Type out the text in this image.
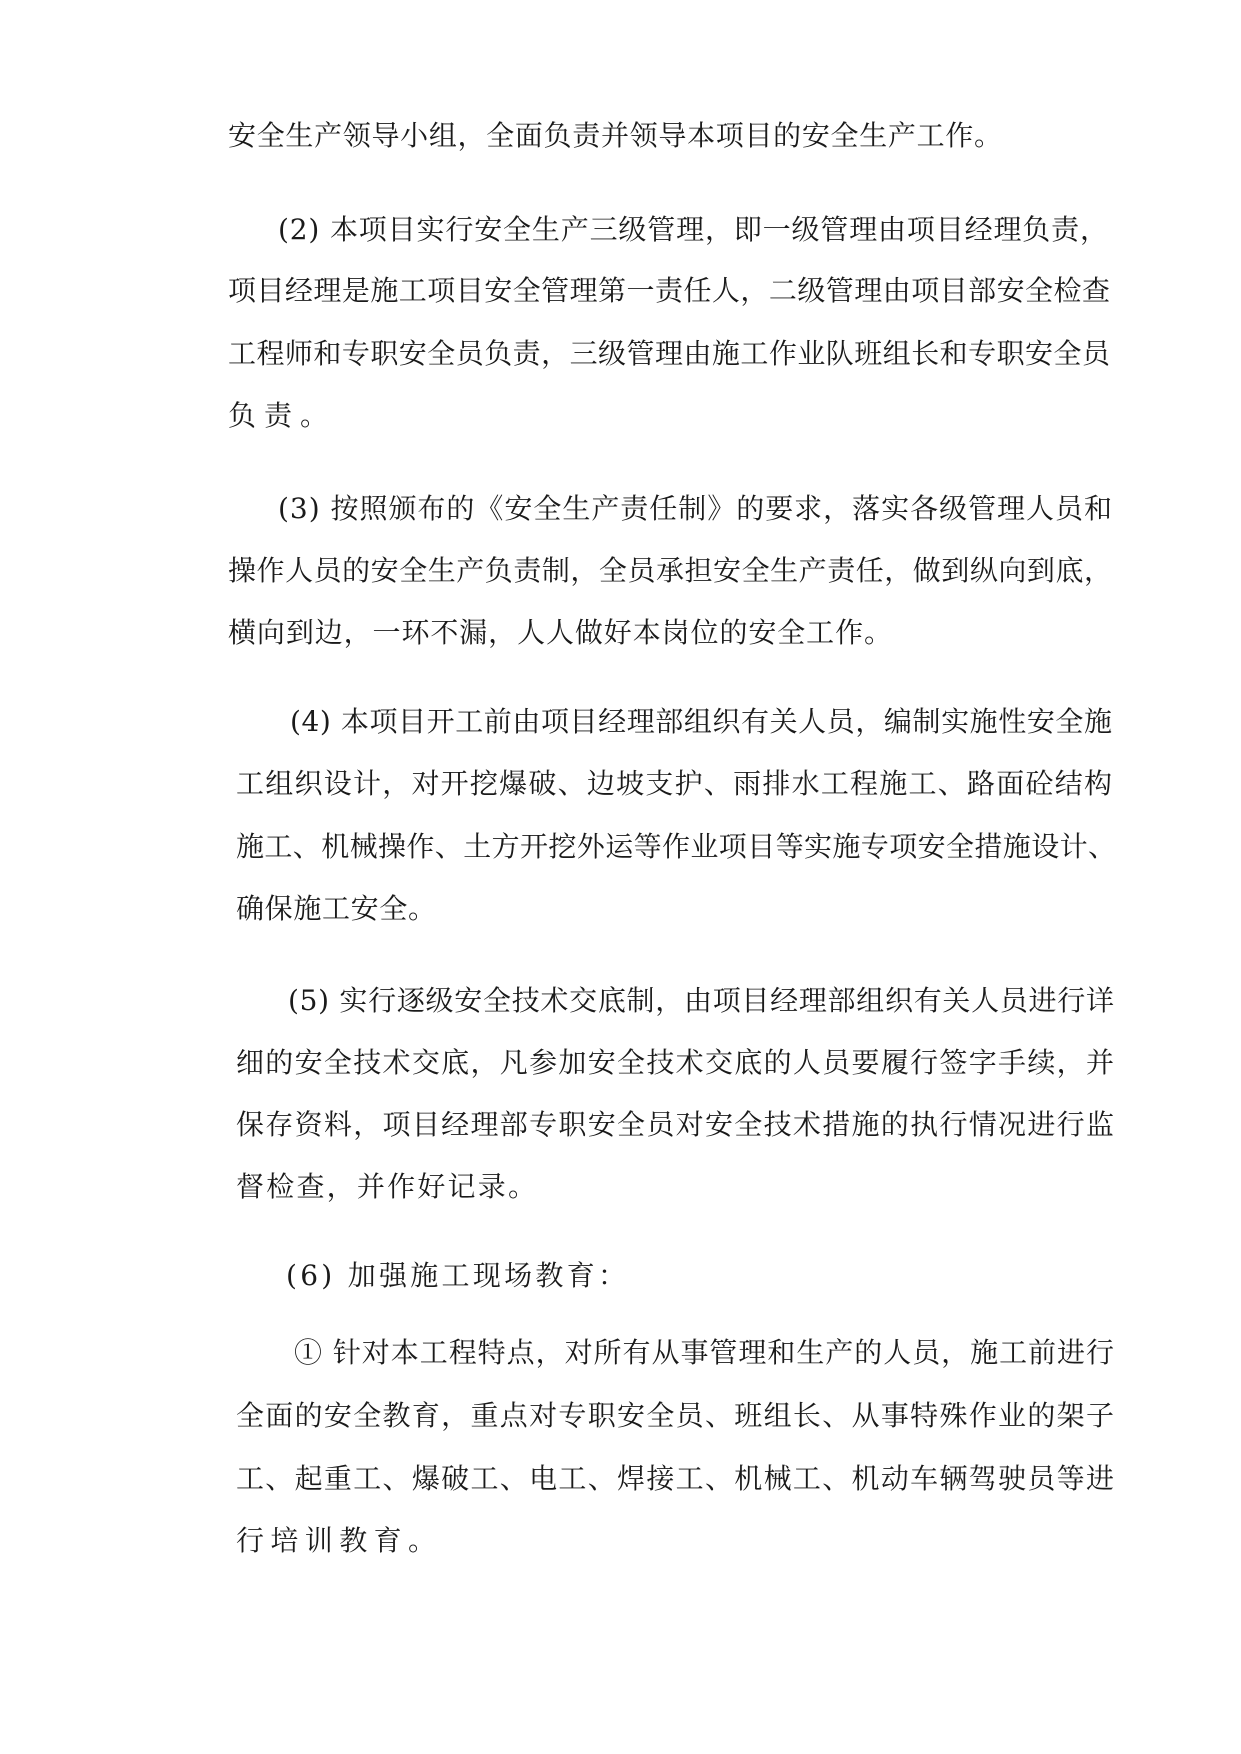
安全生产领导小组，全面负责并领导本项目的安全生产工作。

(2) 本项目实行安全生产三级管理，即一级管理由项目经理负责，

项目经理是施工项目安全管理第一责任人，二级管理由项目部安全检查

工程师和专职安全员负责，三级管理由施工作业队班组长和专职安全员

负责。

(3) 按照颁布的《安全生产责任制》的要求，落实各级管理人员和

操作人员的安全生产负责制，全员承担安全生产责任，做到纵向到底，

横向到边，一环不漏，人人做好本岗位的安全工作。

(4) 本项目开工前由项目经理部组织有关人员，编制实施性安全施

工组织设计，对开挖爆破、边坡支护、雨排水工程施工、路面砼结构

施工、机械操作、土方开挖外运等作业项目等实施专项安全措施设计、

确保施工安全。

(5) 实行逐级安全技术交底制，由项目经理部组织有关人员进行详

细的安全技术交底，凡参加安全技术交底的人员要履行签字手续，并

保存资料，项目经理部专职安全员对安全技术措施的执行情况进行监

督检查，并作好记录。

(6) 加强施工现场教育：

① 针对本工程特点，对所有从事管理和生产的人员，施工前进行

全面的安全教育，重点对专职安全员、班组长、从事特殊作业的架子

工、起重工、爆破工、电工、焊接工、机械工、机动车辆驾驶员等进

行培训教育。
